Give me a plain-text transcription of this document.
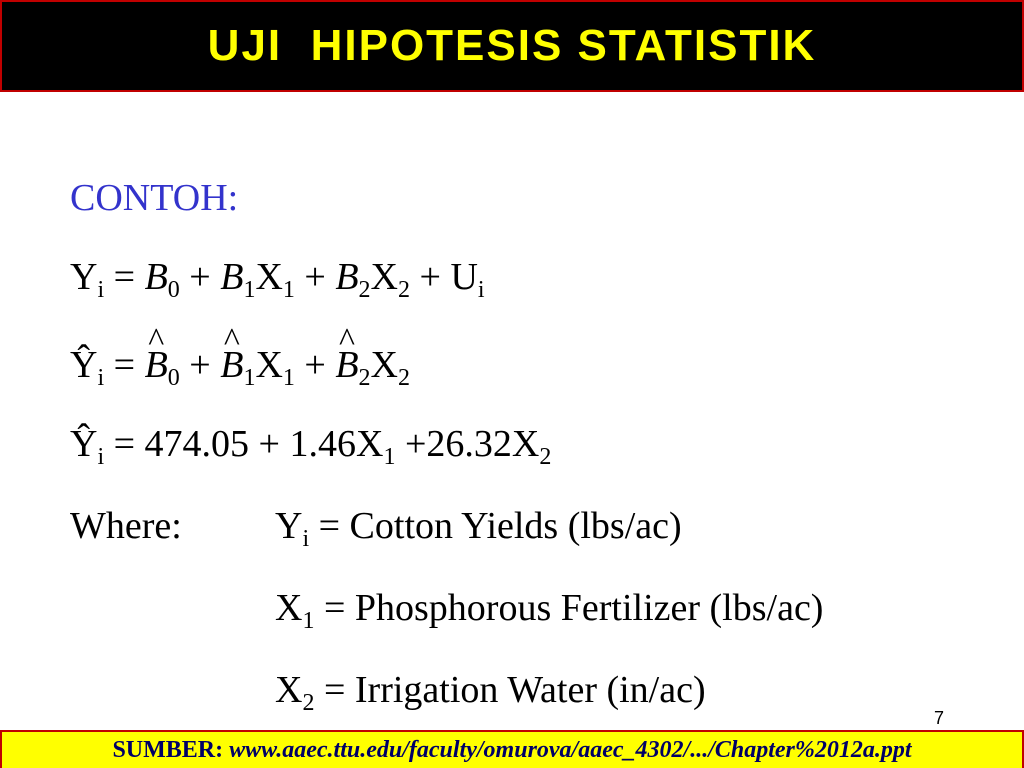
UJI  HIPOTESIS STATISTIK
CONTOH:
$Y_i = B_0 + B_1X_1 + B_2X_2 + U_i$
$Ŷ_i$ = ^ $B_0$ + ^ $B_1X_1$ + ^ $B_2X_2$
$Ŷ_i = 474.05 + 1.46X_1 +26.32X_2$
Where: $Y_i$ = Cotton Yields (lbs/ac)
$X_1$ = Phosphorous Fertilizer (lbs/ac)
$X_2$ = Irrigation Water (in/ac)
7
SUMBER: www.aaec.ttu.edu/faculty/omurova/aaec_4302/.../Chapter%2012a.ppt
